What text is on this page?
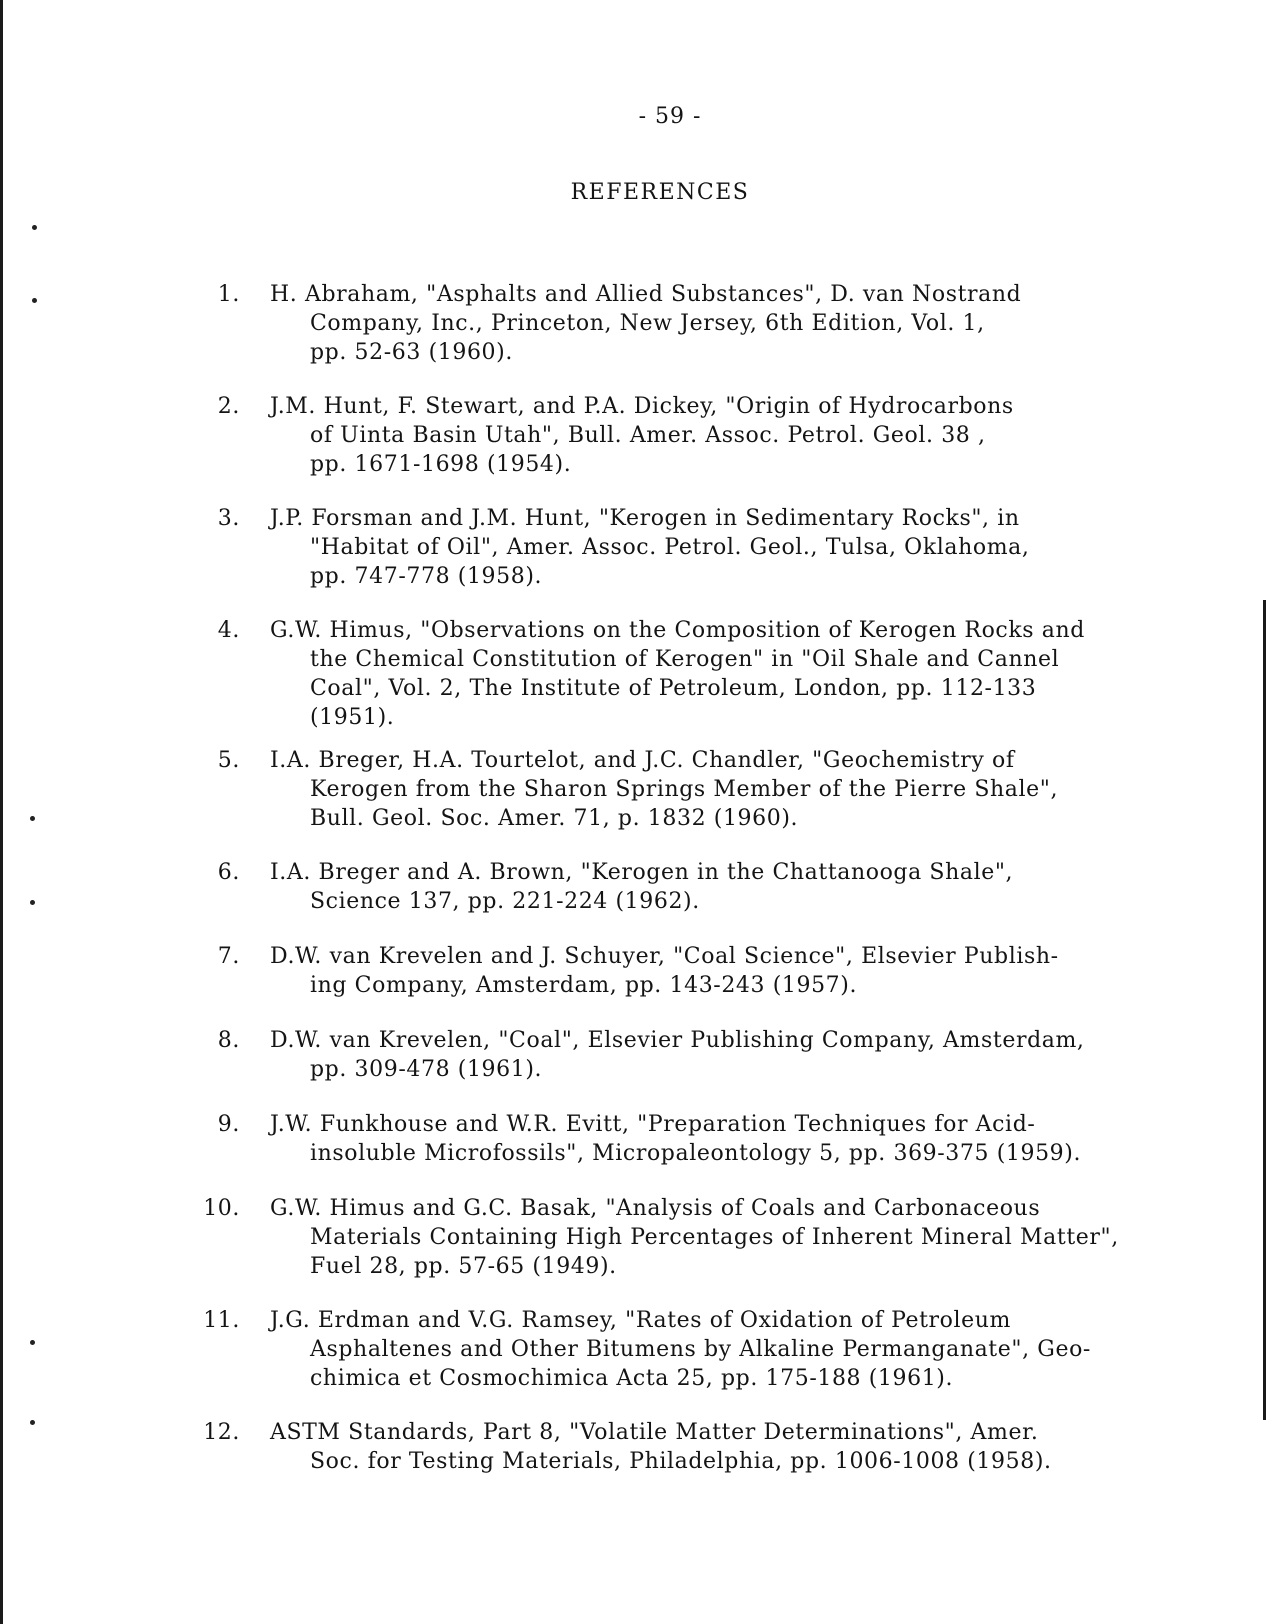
- 59 -
REFERENCES
1. H. Abraham, "Asphalts and Allied Substances", D. van Nostrand
Company, Inc., Princeton, New Jersey, 6th Edition, Vol. 1,
pp. 52-63 (1960).
2. J.M. Hunt, F. Stewart, and P.A. Dickey, "Origin of Hydrocarbons
of Uinta Basin Utah", Bull. Amer. Assoc. Petrol. Geol. 38 ,
pp. 1671-1698 (1954).
3. J.P. Forsman and J.M. Hunt, "Kerogen in Sedimentary Rocks", in
"Habitat of Oil", Amer. Assoc. Petrol. Geol., Tulsa, Oklahoma,
pp. 747-778 (1958).
4. G.W. Himus, "Observations on the Composition of Kerogen Rocks and
the Chemical Constitution of Kerogen" in "Oil Shale and Cannel
Coal", Vol. 2, The Institute of Petroleum, London, pp. 112-133
(1951).
5. I.A. Breger, H.A. Tourtelot, and J.C. Chandler, "Geochemistry of
Kerogen from the Sharon Springs Member of the Pierre Shale",
Bull. Geol. Soc. Amer. 71, p. 1832 (1960).
6. I.A. Breger and A. Brown, "Kerogen in the Chattanooga Shale",
Science 137, pp. 221-224 (1962).
7. D.W. van Krevelen and J. Schuyer, "Coal Science", Elsevier Publish-
ing Company, Amsterdam, pp. 143-243 (1957).
8. D.W. van Krevelen, "Coal", Elsevier Publishing Company, Amsterdam,
pp. 309-478 (1961).
9. J.W. Funkhouse and W.R. Evitt, "Preparation Techniques for Acid-
insoluble Microfossils", Micropaleontology 5, pp. 369-375 (1959).
10. G.W. Himus and G.C. Basak, "Analysis of Coals and Carbonaceous
Materials Containing High Percentages of Inherent Mineral Matter",
Fuel 28, pp. 57-65 (1949).
11. J.G. Erdman and V.G. Ramsey, "Rates of Oxidation of Petroleum
Asphaltenes and Other Bitumens by Alkaline Permanganate", Geo-
chimica et Cosmochimica Acta 25, pp. 175-188 (1961).
12. ASTM Standards, Part 8, "Volatile Matter Determinations", Amer.
Soc. for Testing Materials, Philadelphia, pp. 1006-1008 (1958).
